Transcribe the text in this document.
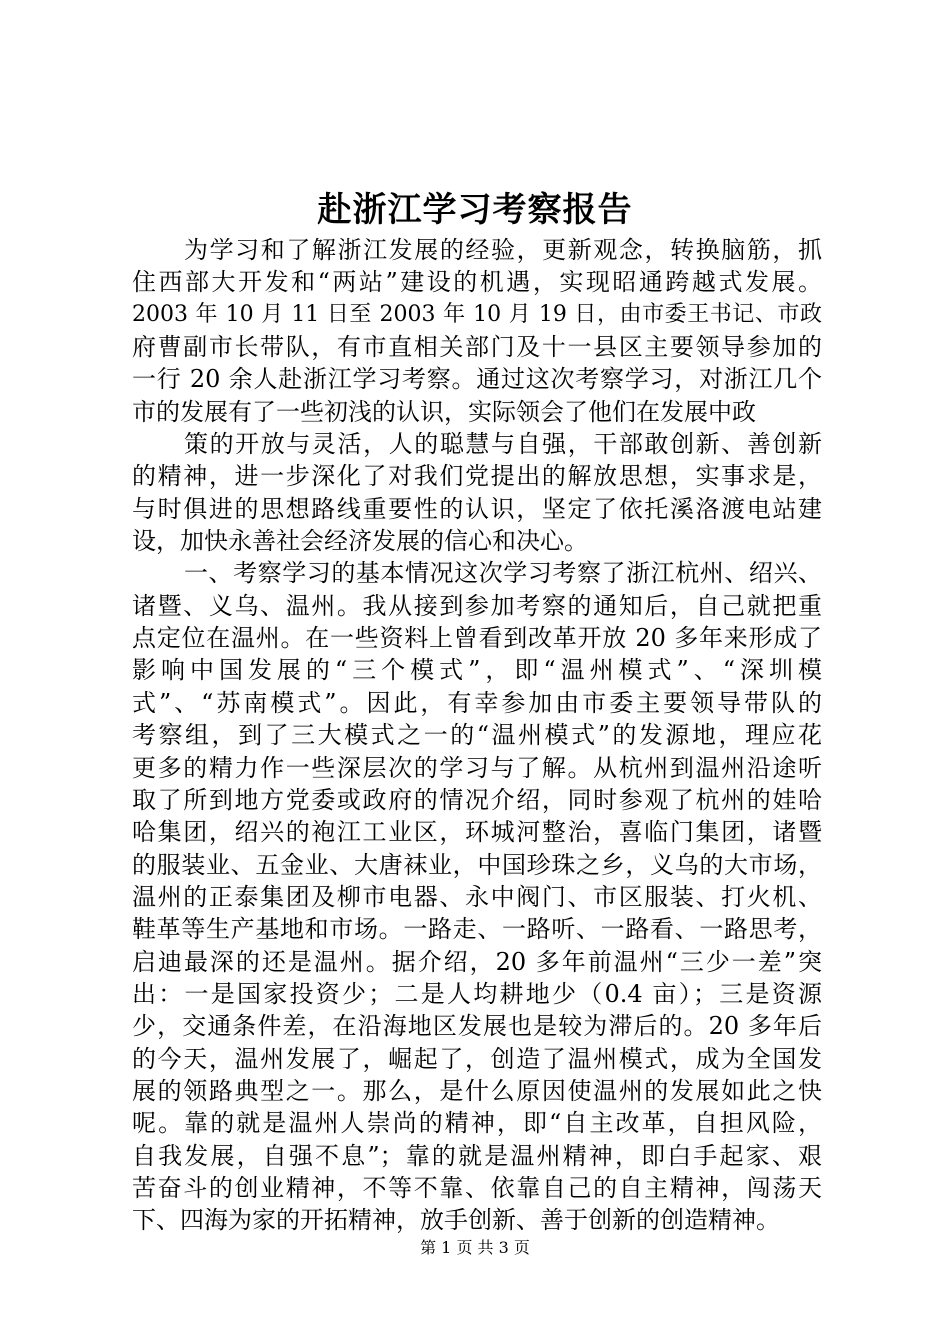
赴浙江学习考察报告
为学习和了解浙江发展的经验，更新观念，转换脑筋，抓
住西部大开发和“两站”建设的机遇，实现昭通跨越式发展。
2003 年 10 月 11 日至 2003 年 10 月 19 日，由市委王书记、市政
府曹副市长带队，有市直相关部门及十一县区主要领导参加的
一行 20 余人赴浙江学习考察。通过这次考察学习，对浙江几个
市的发展有了一些初浅的认识，实际领会了他们在发展中政
策的开放与灵活，人的聪慧与自强，干部敢创新、善创新
的精神，进一步深化了对我们党提出的解放思想，实事求是，
与时俱进的思想路线重要性的认识，坚定了依托溪洛渡电站建
设，加快永善社会经济发展的信心和决心。
一、考察学习的基本情况这次学习考察了浙江杭州、绍兴、
诸暨、义乌、温州。我从接到参加考察的通知后，自己就把重
点定位在温州。在一些资料上曾看到改革开放 20 多年来形成了
影响中国发展的“三个模式”，即“温州模式”、“深圳模
式”、“苏南模式”。因此，有幸参加由市委主要领导带队的
考察组，到了三大模式之一的“温州模式”的发源地，理应花
更多的精力作一些深层次的学习与了解。从杭州到温州沿途听
取了所到地方党委或政府的情况介绍，同时参观了杭州的娃哈
哈集团，绍兴的袍江工业区，环城河整治，喜临门集团，诸暨
的服装业、五金业、大唐袜业，中国珍珠之乡，义乌的大市场，
温州的正泰集团及柳市电器、永中阀门、市区服装、打火机、
鞋革等生产基地和市场。一路走、一路听、一路看、一路思考，
启迪最深的还是温州。据介绍，20 多年前温州“三少一差”突
出：一是国家投资少；二是人均耕地少（0.4 亩）；三是资源
少，交通条件差，在沿海地区发展也是较为滞后的。20 多年后
的今天，温州发展了，崛起了，创造了温州模式，成为全国发
展的领路典型之一。那么，是什么原因使温州的发展如此之快
呢。靠的就是温州人崇尚的精神，即“自主改革，自担风险，
自我发展，自强不息”；靠的就是温州精神，即白手起家、艰
苦奋斗的创业精神，不等不靠、依靠自己的自主精神，闯荡天
下、四海为家的开拓精神，放手创新、善于创新的创造精神。
第 1 页 共 3 页
